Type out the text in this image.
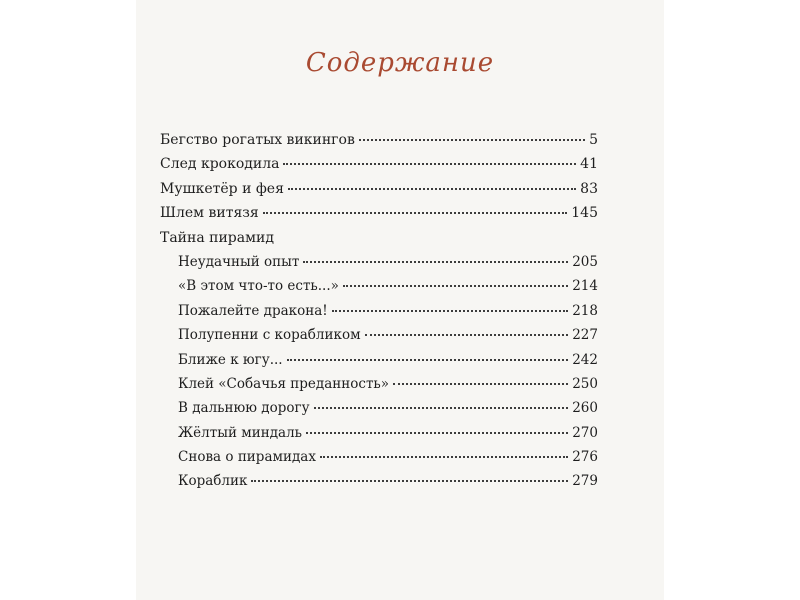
Содержание
Бегство рогатых викингов	5
След крокодила	41
Мушкетёр и фея	83
Шлем витязя	145
Тайна пирамид
Неудачный опыт	205
«В этом что-то есть...»	214
Пожалейте дракона!	218
Полупенни с корабликом	227
Ближе к югу...	242
Клей «Собачья преданность»	250
В дальнюю дорогу	260
Жёлтый миндаль	270
Снова о пирамидах	276
Кораблик	279
